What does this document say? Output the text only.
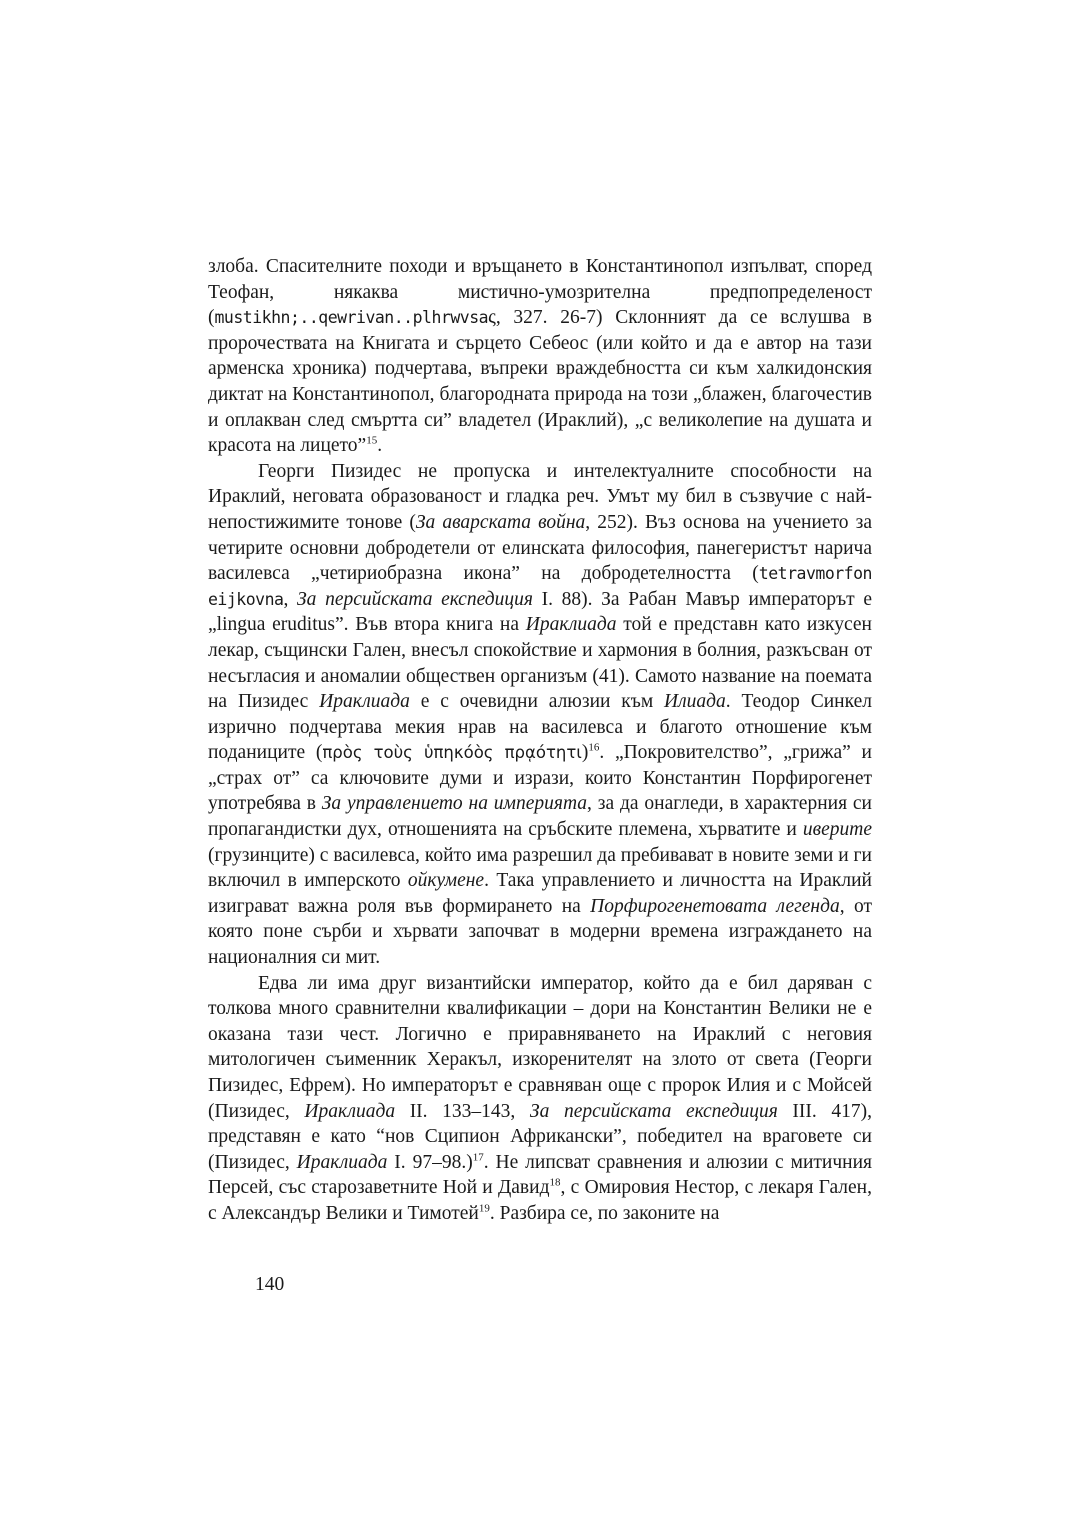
злоба. Спасителните походи и връщането в Константинопол изпълват, според Теофан, някаква мистично-умозрителна предпопределеност (mustikhn;..qewrivan..plhrwvsaς, 327. 26-7) Склонният да се вслушва в пророчествата на Книгата и сърцето Себеос (или който и да е автор на тази арменска хроника) подчертава, въпреки враждебността си към халкидонския диктат на Константинопол, благородната природа на този „блажен, благочестив и оплакван след смъртта си” владетел (Ираклий), „с великолепие на душата и красота на лицето”$^{15}$.

Георги Пизидес не пропуска и интелектуалните способности на Ираклий, неговата образованост и гладка реч. Умът му бил в съзвучие с най-непостижимите тонове (За аварската война, 252). Въз основа на учението за четирите основни добродетели от елинската философия, панегеристът нарича василевса „четириобразна икона” на добродетелността (tetravmorfon eijkovna, За персийската експедиция I. 88). За Рабан Мавър императорът е „lingua eruditus”. Във втора книга на Ираклиада той е представн като изкусен лекар, същински Гален, внесъл спокойствие и хармония в болния, разкъсван от несъгласия и аномалии обществен организъм (41). Самото название на поемата на Пизидес Ираклиада е с очевидни алюзии към Илиада. Теодор Синкел изрично подчертава мекия нрав на василевса и благото отношение към поданиците (πρὸς τοὺς ὑπηκόὸς πρᾳότητι)$^{16}$. „Покровителство”, „грижа” и „страх от” са ключовите думи и изрази, които Константин Порфирогенет употребява в За управлението на империята, за да онагледи, в характерния си пропагандистки дух, отношенията на сръбските племена, хърватите и иверите (грузинците) с василевса, който има разрешил да пребивават в новите земи и ги включил в имперското ойкумене. Така управлението и личността на Ираклий изиграват важна роля във формирането на Порфирогенетовата легенда, от която поне сърби и хървати започват в модерни времена изграждането на националния си мит.

Едва ли има друг византийски император, който да е бил даряван с толкова много сравнителни квалификации – дори на Константин Велики не е оказана тази чест. Логично е приравняването на Ираклий с неговия митологичен съименник Херакъл, изкоренителят на злото от света (Георги Пизидес, Ефрем). Но императорът е сравняван още с пророк Илия и с Мойсей (Пизидес, Ираклиада II. 133–143, За персийската експедиция III. 417), представян е като “нов Сципион Африкански”, победител на враговете си (Пизидес, Ираклиада I. 97–98.)$^{17}$. Не липсват сравнения и алюзии с митичния Персей, със старозаветните Ной и Давид$^{18}$, с Омировия Нестор, с лекаря Гален, с Александър Велики и Тимотей$^{19}$. Разбира се, по законите на

140
